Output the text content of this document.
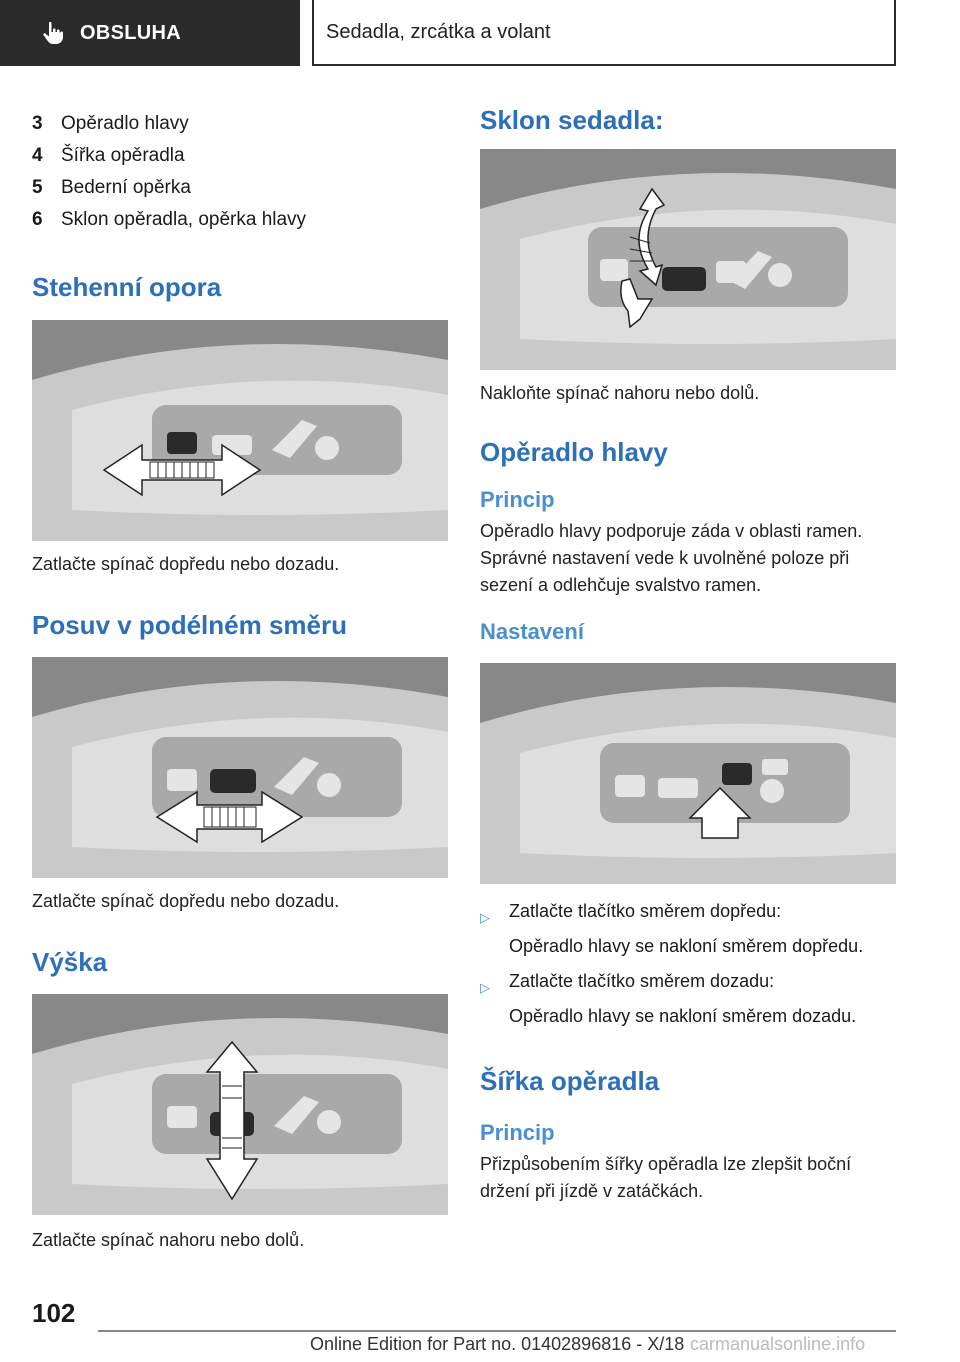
OBSLUHA	Sedadla, zrcátka a volant
3 Opěradlo hlavy
4 Šířka opěradla
5 Bederní opěrka
6 Sklon opěradla, opěrka hlavy
Stehenní opora

Zatlačte spínač dopředu nebo dozadu.

Posuv v podélném směru

Zatlačte spínač dopředu nebo dozadu.

Výška

Zatlačte spínač nahoru nebo dolů.

Sklon sedadla:

Nakloňte spínač nahoru nebo dolů.

Opěradlo hlavy
Princip

Opěradlo hlavy podporuje záda v oblasti ramen. Správné nastavení vede k uvolněné poloze při sezení a odlehčuje svalstvo ramen.

Nastavení
▷ Zatlačte tlačítko směrem dopředu:
Opěradlo hlavy se nakloní směrem dopředu.
▷ Zatlačte tlačítko směrem dozadu:
Opěradlo hlavy se nakloní směrem dozadu.
Šířka opěradla
Princip

Přizpůsobením šířky opěradla lze zlepšit boční držení při jízdě v zatáčkách.

102
Online Edition for Part no. 01402896816 - X/18 carmanualsonline.info
